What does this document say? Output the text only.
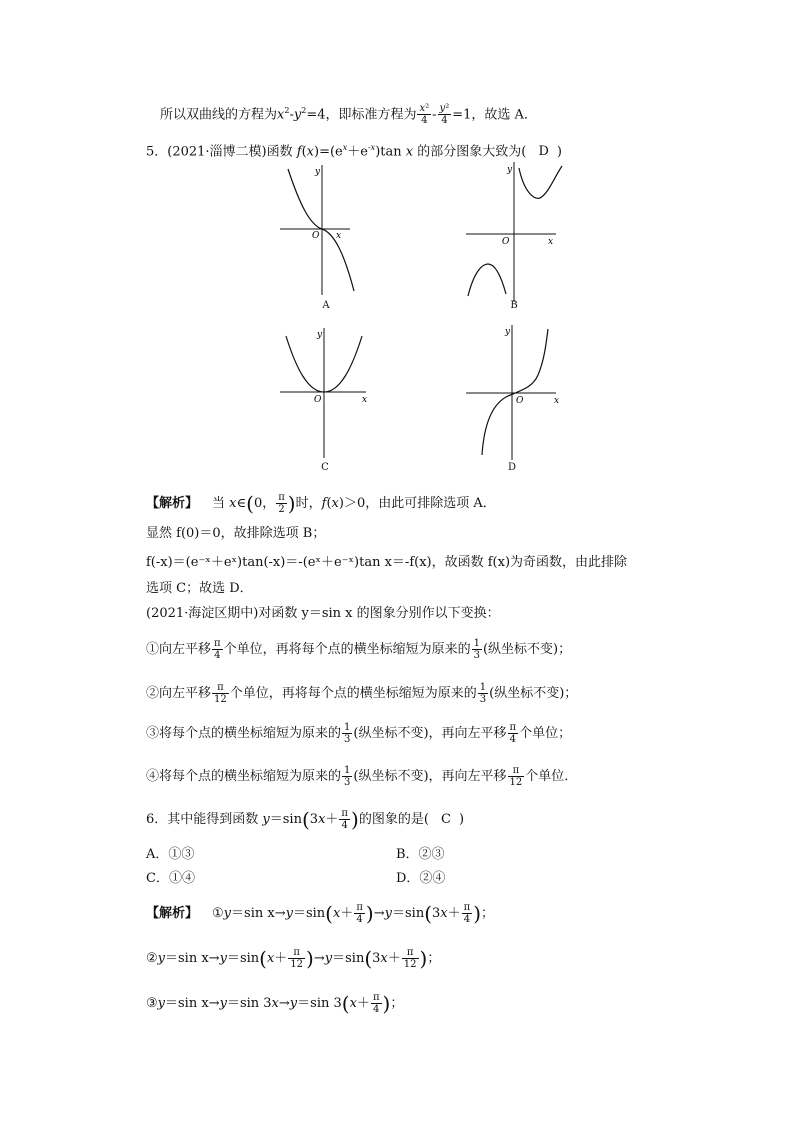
所以双曲线的方程为$x^2-y^2=4$，即标准方程为 $\frac{\text{x²}}{4} - \frac{\text{y²}}{4} =1$，故选 A．
5．(2021·淄博二模)函数 $f(x)=(e^x+e^{-x})\tan$ x 的部分图象大致为( D )
O x
y
A
O	x
y
B
O	x
y
C
O	x
y
D
【解析】 当 x∈(0， $\frac{\pi}{2}$ )时，f(x)＞0，由此可排除选项 A．
显然 f(0)＝0，故排除选项 B；
f(-x)＝(e⁻ˣ＋eˣ)tan(-x)＝-(eˣ＋e⁻ˣ)tan x＝-f(x)，故函数 f(x)为奇函数，由此排除
选项 C；故选 D．
(2021·海淀区期中)对函数 y＝sin x 的图象分别作以下变换：
①向左平移 $\frac{\pi}{4}$ 个单位，再将每个点的横坐标缩短为原来的 $\frac{1}{3}$ (纵坐标不变)；
②向左平移 $\frac{\pi}{12}$ 个单位，再将每个点的横坐标缩短为原来的 $\frac{1}{3}$ (纵坐标不变)；
③将每个点的横坐标缩短为原来的 $\frac{1}{3}$ (纵坐标不变)，再向左平移 $\frac{\pi}{4}$ 个单位；
④将每个点的横坐标缩短为原来的 $\frac{1}{3}$ (纵坐标不变)，再向左平移 $\frac{\pi}{12}$ 个单位．
6．其中能得到函数 $y=\sin(3x+ \frac{\pi}{4}$ )的图象的是( C )
A．①③	B．②③
C．①④	D．②④
【解析】 ①y＝sin $x\to y=\sin(x+ \frac{\pi}{4} )\to y=\sin(3x+ \frac{\pi}{4}$ )；
②y＝sin $x\to y=\sin(x+ \frac{\pi}{12} )\to y=\sin(3x+ \frac{\pi}{12}$ )；
③y＝sin x→y＝sin 3x→y＝sin $3(x+ \frac{\pi}{4}$ )；
